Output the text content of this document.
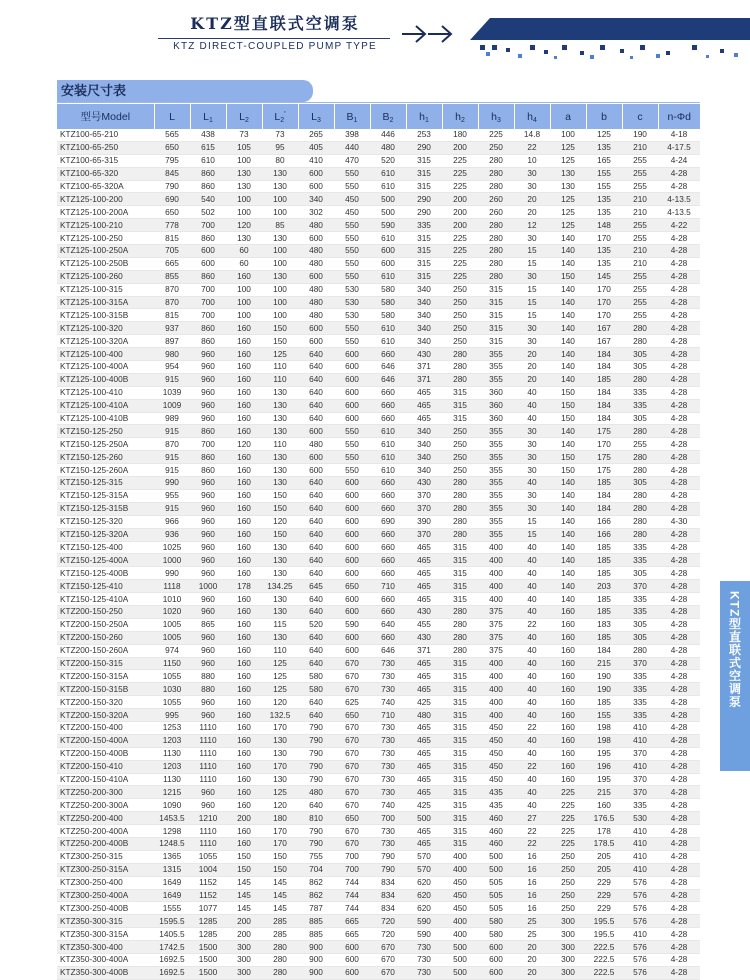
KTZ型直联式空调泵
KTZ DIRECT-COUPLED PUMP TYPE
安装尺寸表
型号Model	L	$L_1$	$L_2$	$L_2'$	$L_3$	$B_1$	$B_2$	$h_1$	$h_2$	$h_3$	$h_4$	a	b	c	n-Φd
KTZ100-65-210	565	438	73	73	265	398	446	253	180	225	14.8	100	125	190	4-18
KTZ100-65-250	650	615	105	95	405	440	480	290	200	250	22	125	135	210	4-17.5
KTZ100-65-315	795	610	100	80	410	470	520	315	225	280	10	125	165	255	4-24
KTZ100-65-320	845	860	130	130	600	550	610	315	225	280	30	130	155	255	4-28
KTZ100-65-320A	790	860	130	130	600	550	610	315	225	280	30	130	155	255	4-28
KTZ125-100-200	690	540	100	100	340	450	500	290	200	260	20	125	135	210	4-13.5
KTZ125-100-200A	650	502	100	100	302	450	500	290	200	260	20	125	135	210	4-13.5
KTZ125-100-210	778	700	120	85	480	550	590	335	200	280	12	125	148	255	4-22
KTZ125-100-250	815	860	130	130	600	550	610	315	225	280	30	140	170	255	4-28
KTZ125-100-250A	705	600	60	100	480	550	600	315	225	280	15	140	135	210	4-28
KTZ125-100-250B	665	600	60	100	480	550	600	315	225	280	15	140	135	210	4-28
KTZ125-100-260	855	860	160	130	600	550	610	315	225	280	30	150	145	255	4-28
KTZ125-100-315	870	700	100	100	480	530	580	340	250	315	15	140	170	255	4-28
KTZ125-100-315A	870	700	100	100	480	530	580	340	250	315	15	140	170	255	4-28
KTZ125-100-315B	815	700	100	100	480	530	580	340	250	315	15	140	170	255	4-28
KTZ125-100-320	937	860	160	150	600	550	610	340	250	315	30	140	167	280	4-28
KTZ125-100-320A	897	860	160	150	600	550	610	340	250	315	30	140	167	280	4-28
KTZ125-100-400	980	960	160	125	640	600	660	430	280	355	20	140	184	305	4-28
KTZ125-100-400A	954	960	160	110	640	600	646	371	280	355	20	140	184	305	4-28
KTZ125-100-400B	915	960	160	110	640	600	646	371	280	355	20	140	185	280	4-28
KTZ125-100-410	1039	960	160	130	640	600	660	465	315	360	40	150	184	335	4-28
KTZ125-100-410A	1009	960	160	130	640	600	660	465	315	360	40	150	184	335	4-28
KTZ125-100-410B	989	960	160	130	640	600	660	465	315	360	40	150	184	305	4-28
KTZ150-125-250	915	860	160	130	600	550	610	340	250	355	30	140	175	280	4-28
KTZ150-125-250A	870	700	120	110	480	550	610	340	250	355	30	140	170	255	4-28
KTZ150-125-260	915	860	160	130	600	550	610	340	250	355	30	150	175	280	4-28
KTZ150-125-260A	915	860	160	130	600	550	610	340	250	355	30	150	175	280	4-28
KTZ150-125-315	990	960	160	130	640	600	660	430	280	355	40	140	185	305	4-28
KTZ150-125-315A	955	960	160	150	640	600	660	370	280	355	30	140	184	280	4-28
KTZ150-125-315B	915	960	160	150	640	600	660	370	280	355	30	140	184	280	4-28
KTZ150-125-320	966	960	160	120	640	600	690	390	280	355	15	140	166	280	4-30
KTZ150-125-320A	936	960	160	150	640	600	660	370	280	355	15	140	166	280	4-28
KTZ150-125-400	1025	960	160	130	640	600	660	465	315	400	40	140	185	335	4-28
KTZ150-125-400A	1000	960	160	130	640	600	660	465	315	400	40	140	185	335	4-28
KTZ150-125-400B	990	960	160	130	640	600	660	465	315	400	40	140	185	305	4-28
KTZ150-125-410	1118	1000	178	134.25	645	650	710	465	315	400	40	140	203	370	4-28
KTZ150-125-410A	1010	960	160	130	640	600	660	465	315	400	40	140	185	335	4-28
KTZ200-150-250	1020	960	160	130	640	600	660	430	280	375	40	160	185	335	4-28
KTZ200-150-250A	1005	865	160	115	520	590	640	455	280	375	22	160	183	305	4-28
KTZ200-150-260	1005	960	160	130	640	600	660	430	280	375	40	160	185	305	4-28
KTZ200-150-260A	974	960	160	110	640	600	646	371	280	375	40	160	184	280	4-28
KTZ200-150-315	1150	960	160	125	640	670	730	465	315	400	40	160	215	370	4-28
KTZ200-150-315A	1055	880	160	125	580	670	730	465	315	400	40	160	190	335	4-28
KTZ200-150-315B	1030	880	160	125	580	670	730	465	315	400	40	160	190	335	4-28
KTZ200-150-320	1055	960	160	120	640	625	740	425	315	400	40	160	185	335	4-28
KTZ200-150-320A	995	960	160	132.5	640	650	710	480	315	400	40	160	155	335	4-28
KTZ200-150-400	1253	1110	160	170	790	670	730	465	315	450	22	160	198	410	4-28
KTZ200-150-400A	1203	1110	160	130	790	670	730	465	315	450	40	160	198	410	4-28
KTZ200-150-400B	1130	1110	160	130	790	670	730	465	315	450	40	160	195	370	4-28
KTZ200-150-410	1203	1110	160	170	790	670	730	465	315	450	22	160	196	410	4-28
KTZ200-150-410A	1130	1110	160	130	790	670	730	465	315	450	40	160	195	370	4-28
KTZ250-200-300	1215	960	160	125	480	670	730	465	315	435	40	225	215	370	4-28
KTZ250-200-300A	1090	960	160	120	640	670	740	425	315	435	40	225	160	335	4-28
KTZ250-200-400	1453.5	1210	200	180	810	650	700	500	315	460	27	225	176.5	530	4-28
KTZ250-200-400A	1298	1110	160	170	790	670	730	465	315	460	22	225	178	410	4-28
KTZ250-200-400B	1248.5	1110	160	170	790	670	730	465	315	460	22	225	178.5	410	4-28
KTZ300-250-315	1365	1055	150	150	755	700	790	570	400	500	16	250	205	410	4-28
KTZ300-250-315A	1315	1004	150	150	704	700	790	570	400	500	16	250	205	410	4-28
KTZ300-250-400	1649	1152	145	145	862	744	834	620	450	505	16	250	229	576	4-28
KTZ300-250-400A	1649	1152	145	145	862	744	834	620	450	505	16	250	229	576	4-28
KTZ300-250-400B	1555	1077	145	145	787	744	834	620	450	505	16	250	229	576	4-28
KTZ350-300-315	1595.5	1285	200	285	885	665	720	590	400	580	25	300	195.5	576	4-28
KTZ350-300-315A	1405.5	1285	200	285	885	665	720	590	400	580	25	300	195.5	410	4-28
KTZ350-300-400	1742.5	1500	300	280	900	600	670	730	500	600	20	300	222.5	576	4-28
KTZ350-300-400A	1692.5	1500	300	280	900	600	670	730	500	600	20	300	222.5	576	4-28
KTZ350-300-400B	1692.5	1500	300	280	900	600	670	730	500	600	20	300	222.5	576	4-28
KTZ型直联式空调泵
